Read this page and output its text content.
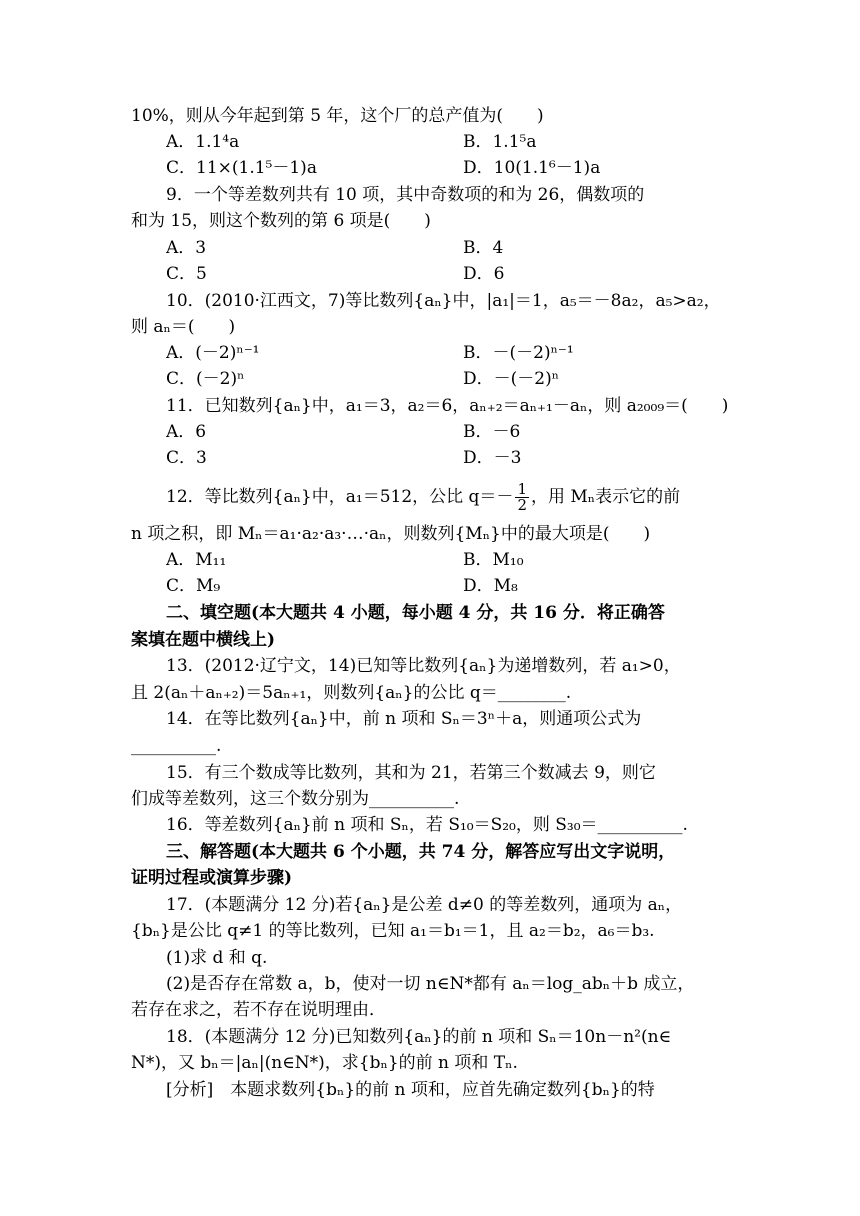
10%，则从今年起到第 5 年，这个厂的总产值为(　　)
A．1.1⁴a	B．1.1⁵a
C．11×(1.1⁵－1)a	D．10(1.1⁶－1)a
9．一个等差数列共有 10 项，其中奇数项的和为 26，偶数项的
和为 15，则这个数列的第 6 项是(　　)
A．3	B．4
C．5	D．6
10．(2010·江西文，7)等比数列{aₙ}中，|a₁|＝1，a₅＝－8a₂，a₅>a₂，
则 aₙ＝(　　)
A．(－2)ⁿ⁻¹	B．－(－2)ⁿ⁻¹
C．(－2)ⁿ	D．－(－2)ⁿ
11．已知数列{aₙ}中，a₁＝3，a₂＝6，aₙ₊₂＝aₙ₊₁－aₙ，则 a₂₀₀₉＝(　　)
A．6	B．－6
C．3	D．－3
12．等比数列{aₙ}中，a₁＝512，公比 $q=- \frac{1}{2}$ ，用 Mₙ表示它的前
n 项之积，即 Mₙ＝a₁·a₂·a₃·…·aₙ，则数列{Mₙ}中的最大项是(　　)
A．M₁₁	B．M₁₀
C．M₉	D．M₈
二、填空题(本大题共 4 小题，每小题 4 分，共 16 分．将正确答
案填在题中横线上)
13．(2012·辽宁文，14)已知等比数列{aₙ}为递增数列，若 a₁>0，
且 2(aₙ＋aₙ₊₂)＝5aₙ₊₁，则数列{aₙ}的公比 q＝________.
14．在等比数列{aₙ}中，前 n 项和 Sₙ＝3ⁿ＋a，则通项公式为
__________.
15．有三个数成等比数列，其和为 21，若第三个数减去 9，则它
们成等差数列，这三个数分别为__________.
16．等差数列{aₙ}前 n 项和 Sₙ，若 S₁₀＝S₂₀，则 S₃₀＝__________.
三、解答题(本大题共 6 个小题，共 74 分，解答应写出文字说明，
证明过程或演算步骤)
17．(本题满分 12 分)若{aₙ}是公差 d≠0 的等差数列，通项为 aₙ，
{bₙ}是公比 q≠1 的等比数列，已知 a₁＝b₁＝1，且 a₂＝b₂，a₆＝b₃.
(1)求 d 和 q.
(2)是否存在常数 a，b，使对一切 n∈N*都有 aₙ＝log_abₙ＋b 成立，
若存在求之，若不存在说明理由．
18．(本题满分 12 分)已知数列{aₙ}的前 n 项和 Sₙ＝10n－n²(n∈
N*)，又 bₙ＝|aₙ|(n∈N*)，求{bₙ}的前 n 项和 Tₙ.
[分析]　本题求数列{bₙ}的前 n 项和，应首先确定数列{bₙ}的特
